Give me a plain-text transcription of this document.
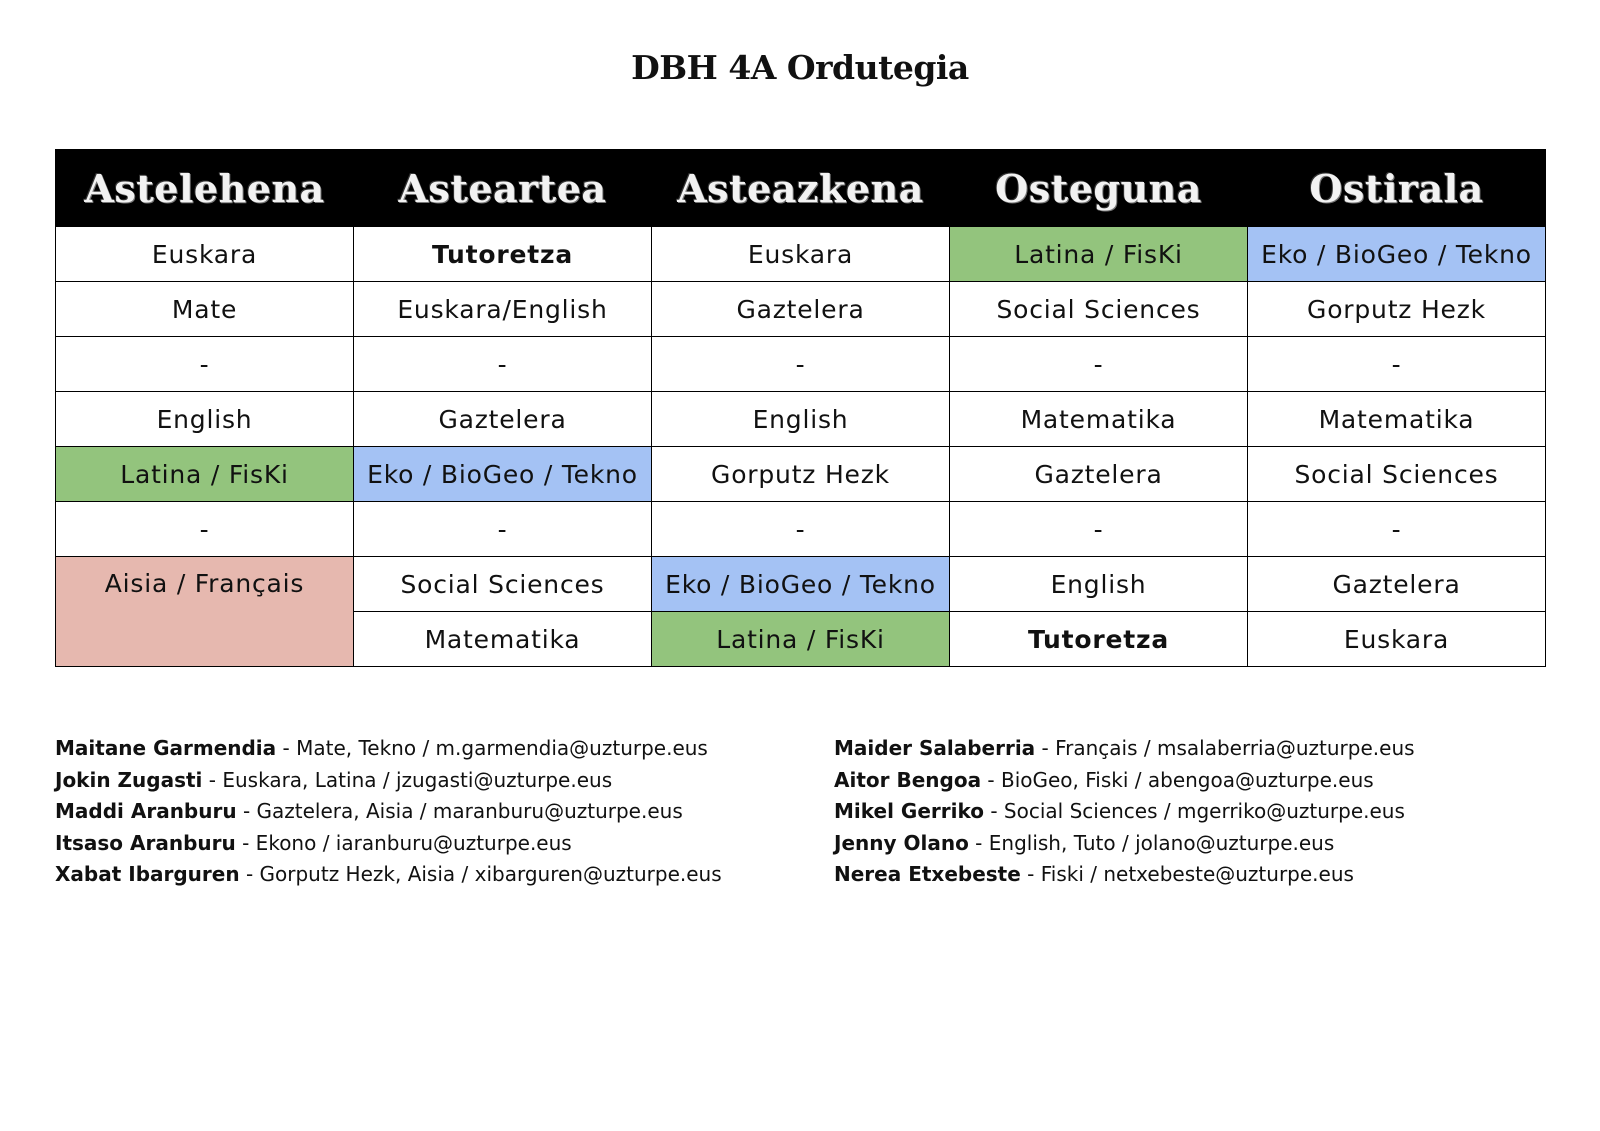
DBH 4A Ordutegia
Astelehena	Asteartea	Asteazkena	Osteguna	Ostirala
Euskara	Tutoretza	Euskara	Latina / FisKi	Eko / BioGeo / Tekno
Mate	Euskara/English	Gaztelera	Social Sciences	Gorputz Hezk
-	-	-	-	-
English	Gaztelera	English	Matematika	Matematika
Latina / FisKi	Eko / BioGeo / Tekno	Gorputz Hezk	Gaztelera	Social Sciences
-	-	-	-	-
Aisia / Français	Social Sciences	Eko / BioGeo / Tekno	English	Gaztelera
	Matematika	Latina / FisKi	Tutoretza	Euskara
Maitane Garmendia - Mate, Tekno / m.garmendia@uzturpe.eus
Jokin Zugasti - Euskara, Latina / jzugasti@uzturpe.eus
Maddi Aranburu - Gaztelera, Aisia / maranburu@uzturpe.eus
Itsaso Aranburu - Ekono / iaranburu@uzturpe.eus
Xabat Ibarguren - Gorputz Hezk, Aisia / xibarguren@uzturpe.eus
Maider Salaberria - Français / msalaberria@uzturpe.eus
Aitor Bengoa - BioGeo, Fiski / abengoa@uzturpe.eus
Mikel Gerriko - Social Sciences / mgerriko@uzturpe.eus
Jenny Olano - English, Tuto / jolano@uzturpe.eus
Nerea Etxebeste - Fiski / netxebeste@uzturpe.eus
